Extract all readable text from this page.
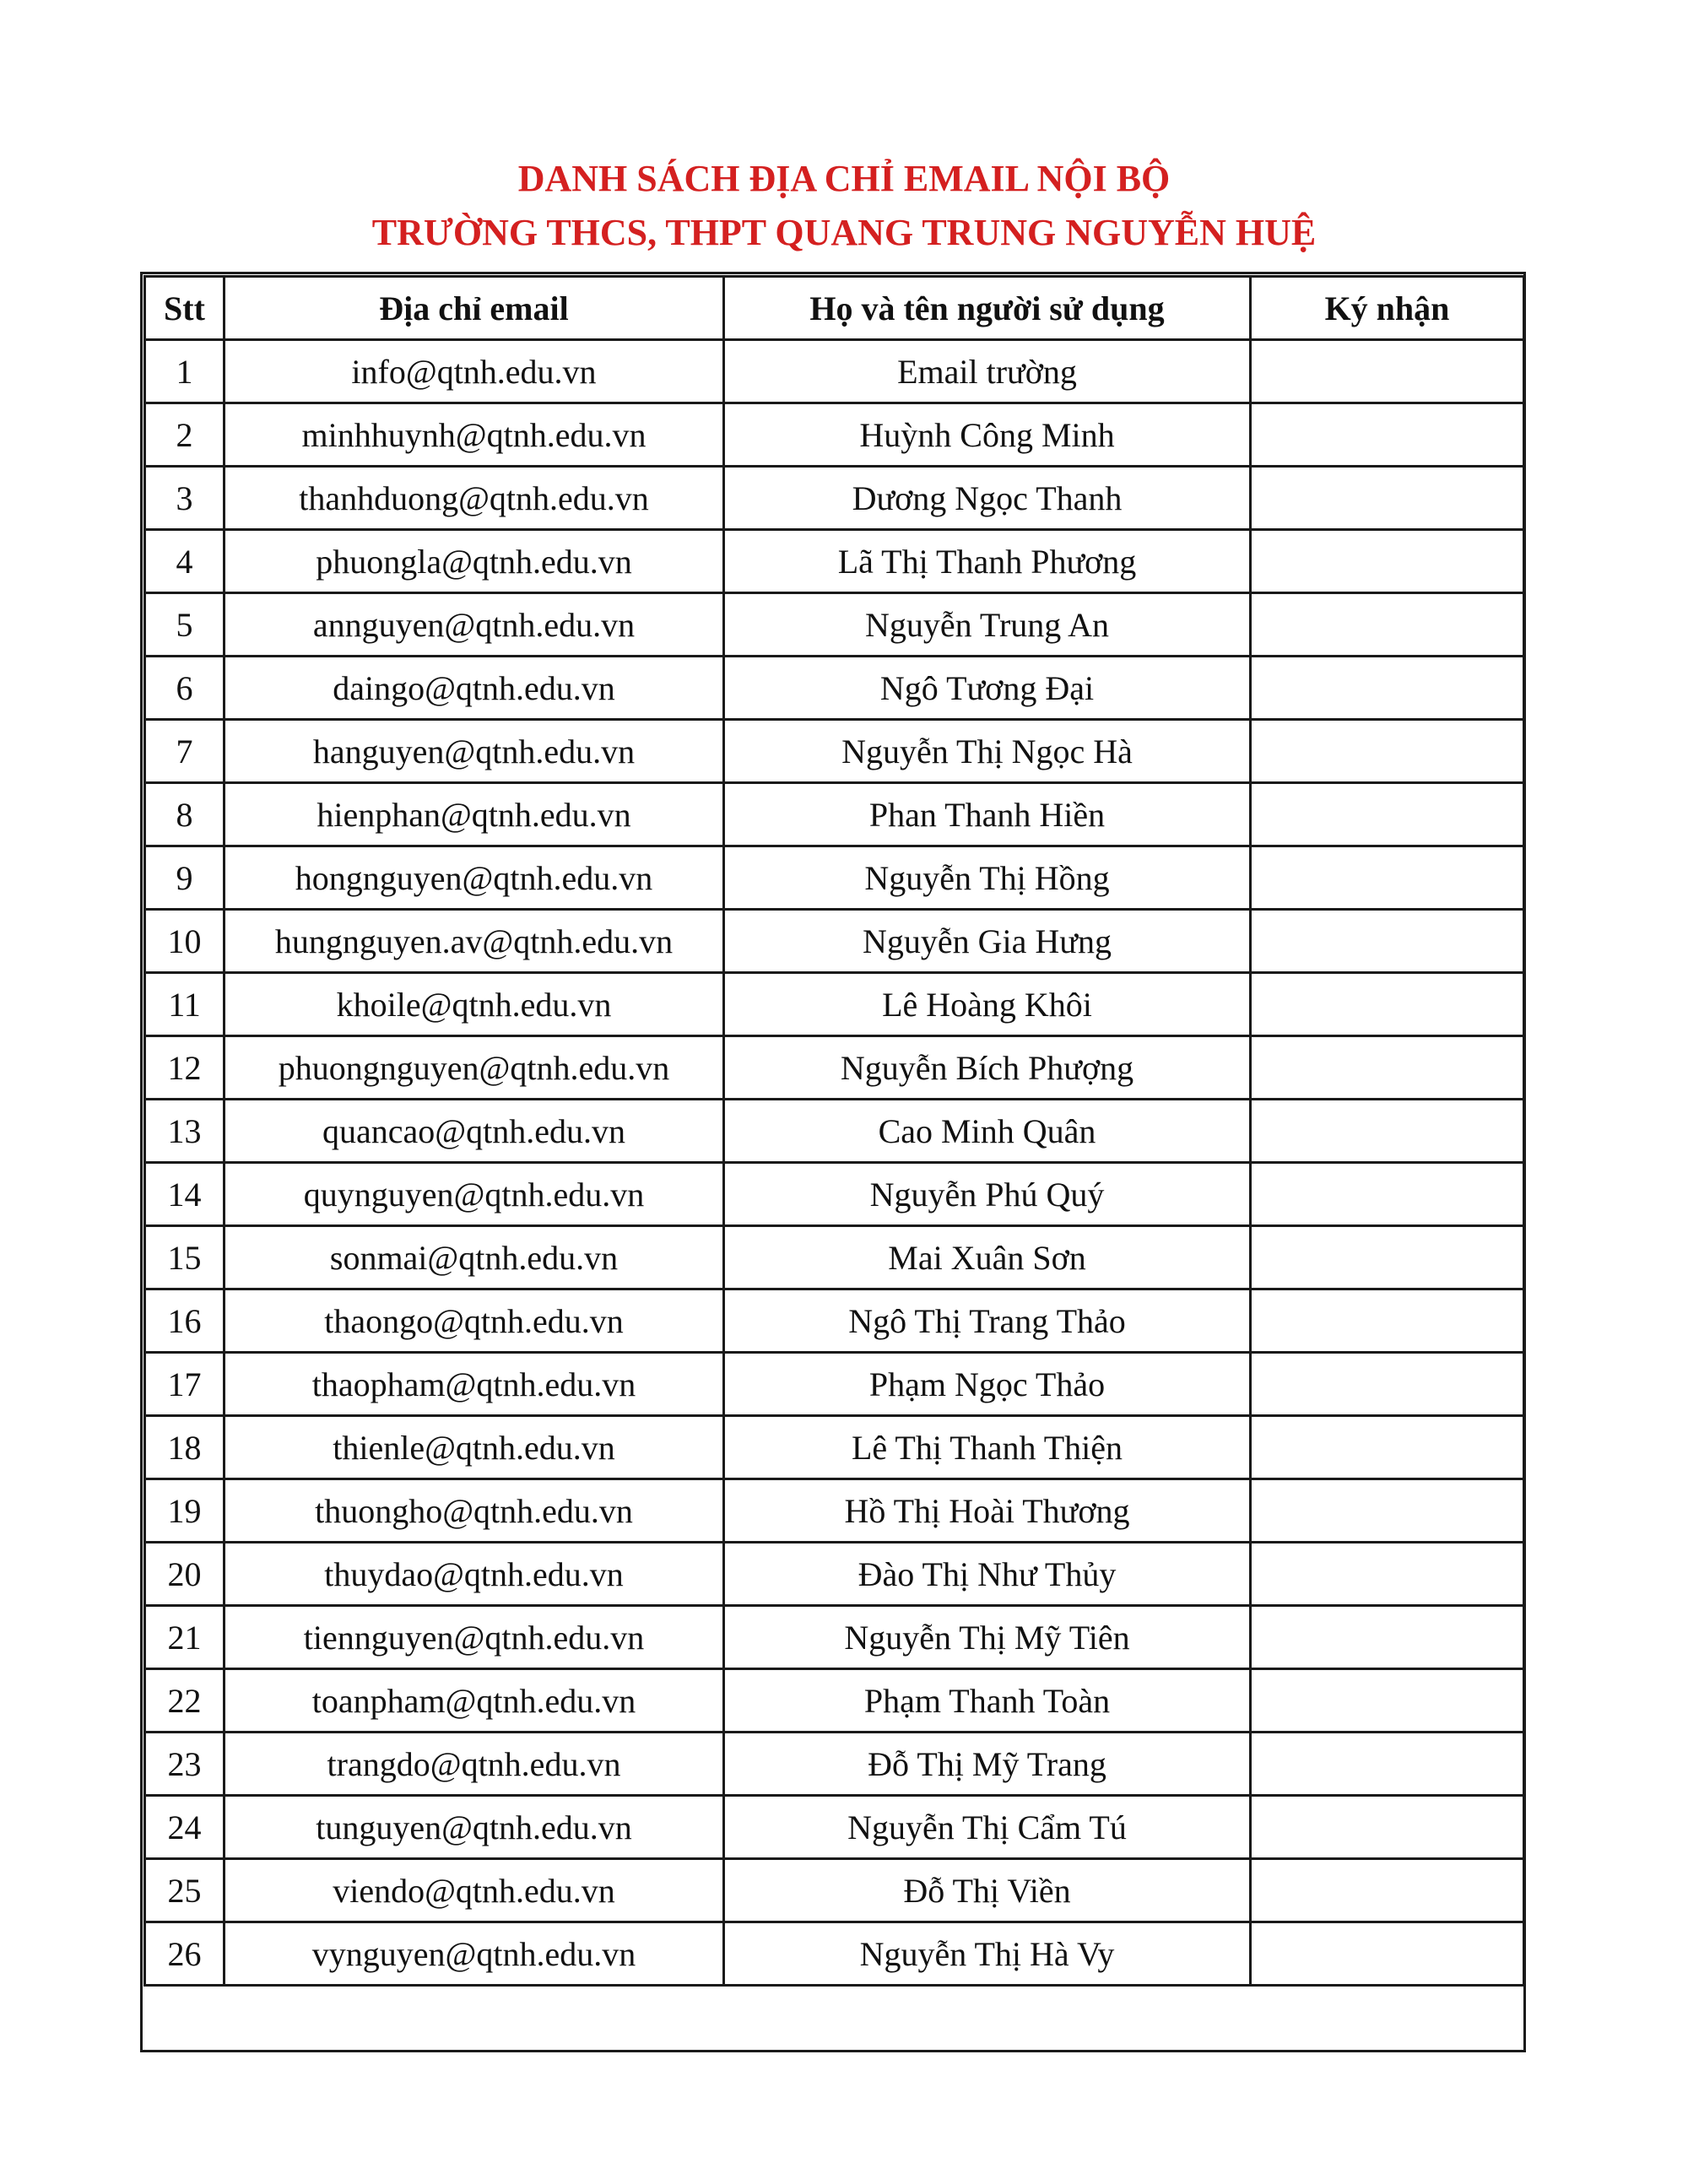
DANH SÁCH ĐỊA CHỈ EMAIL NỘI BỘ

TRƯỜNG THCS, THPT QUANG TRUNG NGUYỄN HUỆ

Stt	Địa chỉ email	Họ và tên người sử dụng	Ký nhận
1	info@qtnh.edu.vn	Email trường	
2	minhhuynh@qtnh.edu.vn	Huỳnh Công Minh	
3	thanhduong@qtnh.edu.vn	Dương Ngọc Thanh	
4	phuongla@qtnh.edu.vn	Lã Thị Thanh Phương	
5	annguyen@qtnh.edu.vn	Nguyễn Trung An	
6	daingo@qtnh.edu.vn	Ngô Tương Đại	
7	hanguyen@qtnh.edu.vn	Nguyễn Thị Ngọc Hà	
8	hienphan@qtnh.edu.vn	Phan Thanh Hiền	
9	hongnguyen@qtnh.edu.vn	Nguyễn Thị Hồng	
10	hungnguyen.av@qtnh.edu.vn	Nguyễn Gia Hưng	
11	khoile@qtnh.edu.vn	Lê Hoàng Khôi	
12	phuongnguyen@qtnh.edu.vn	Nguyễn Bích Phượng	
13	quancao@qtnh.edu.vn	Cao Minh Quân	
14	quynguyen@qtnh.edu.vn	Nguyễn Phú Quý	
15	sonmai@qtnh.edu.vn	Mai Xuân Sơn	
16	thaongo@qtnh.edu.vn	Ngô Thị Trang Thảo	
17	thaopham@qtnh.edu.vn	Phạm Ngọc Thảo	
18	thienle@qtnh.edu.vn	Lê Thị Thanh Thiện	
19	thuongho@qtnh.edu.vn	Hồ Thị Hoài Thương	
20	thuydao@qtnh.edu.vn	Đào Thị Như Thủy	
21	tiennguyen@qtnh.edu.vn	Nguyễn Thị Mỹ Tiên	
22	toanpham@qtnh.edu.vn	Phạm Thanh Toàn	
23	trangdo@qtnh.edu.vn	Đỗ Thị Mỹ Trang	
24	tunguyen@qtnh.edu.vn	Nguyễn Thị Cẩm Tú	
25	viendo@qtnh.edu.vn	Đỗ Thị Viền	
26	vynguyen@qtnh.edu.vn	Nguyễn Thị Hà Vy	
